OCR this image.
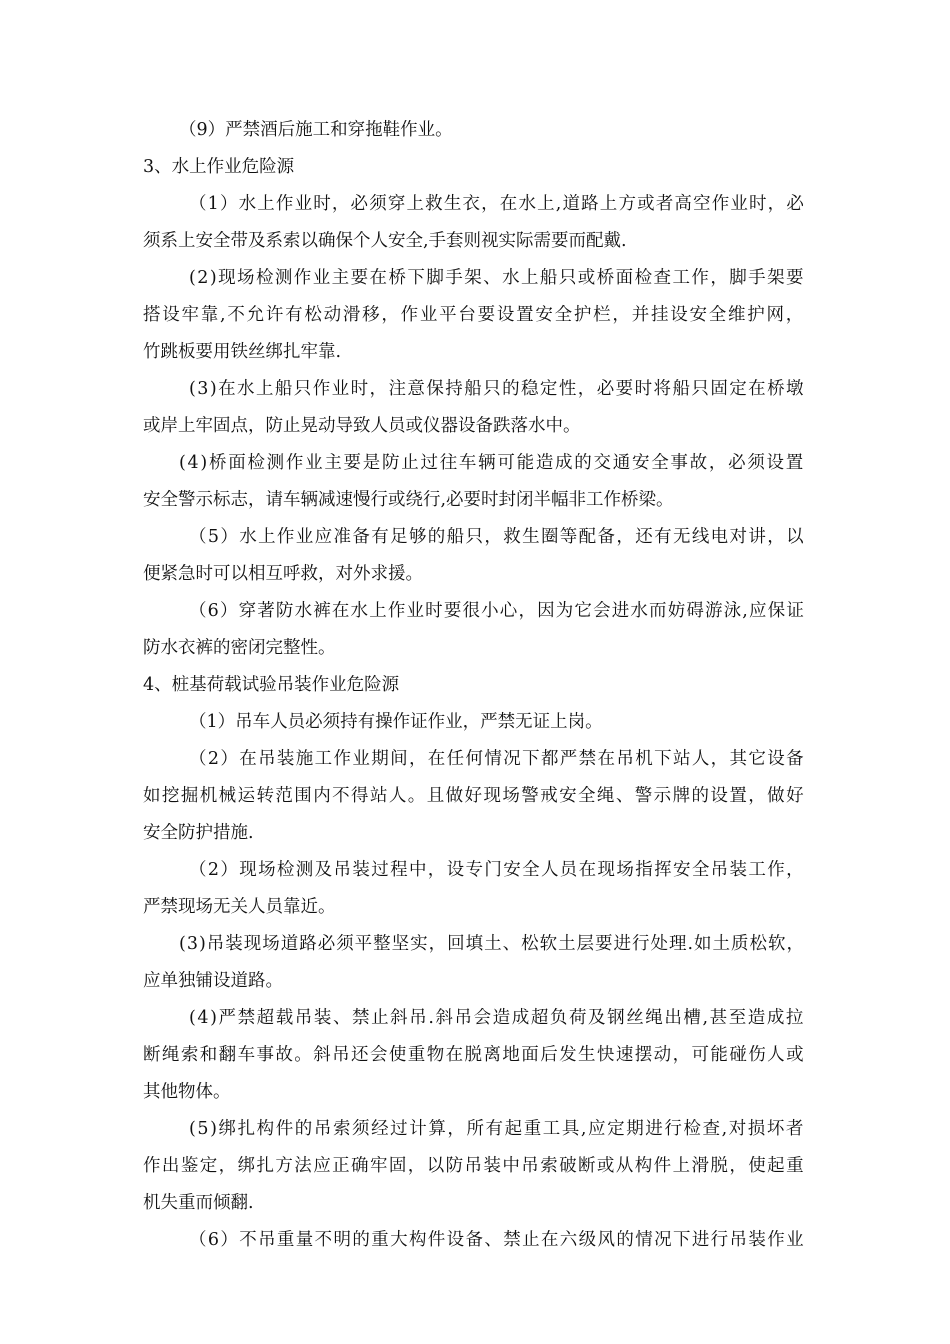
（9）严禁酒后施工和穿拖鞋作业。
3、水上作业危险源
（1）水上作业时，必须穿上救生衣，在水上,道路上方或者高空作业时，必
须系上安全带及系索以确保个人安全,手套则视实际需要而配戴.
(2)现场检测作业主要在桥下脚手架、水上船只或桥面检查工作，脚手架要
搭设牢靠,不允许有松动滑移，作业平台要设置安全护栏，并挂设安全维护网，
竹跳板要用铁丝绑扎牢靠.
(3)在水上船只作业时，注意保持船只的稳定性，必要时将船只固定在桥墩
或岸上牢固点，防止晃动导致人员或仪器设备跌落水中。
(4)桥面检测作业主要是防止过往车辆可能造成的交通安全事故，必须设置
安全警示标志，请车辆减速慢行或绕行,必要时封闭半幅非工作桥梁。
（5）水上作业应准备有足够的船只，救生圈等配备，还有无线电对讲，以
便紧急时可以相互呼救，对外求援。
（6）穿著防水裤在水上作业时要很小心，因为它会进水而妨碍游泳,应保证
防水衣裤的密闭完整性。
4、桩基荷载试验吊装作业危险源
（1）吊车人员必须持有操作证作业，严禁无证上岗。
（2）在吊装施工作业期间，在任何情况下都严禁在吊机下站人，其它设备
如挖掘机械运转范围内不得站人。且做好现场警戒安全绳、警示牌的设置，做好
安全防护措施.
（2）现场检测及吊装过程中，设专门安全人员在现场指挥安全吊装工作，
严禁现场无关人员靠近。
(3)吊装现场道路必须平整坚实，回填土、松软土层要进行处理.如土质松软，
应单独铺设道路。
(4)严禁超载吊装、禁止斜吊.斜吊会造成超负荷及钢丝绳出槽,甚至造成拉
断绳索和翻车事故。斜吊还会使重物在脱离地面后发生快速摆动，可能碰伤人或
其他物体。
(5)绑扎构件的吊索须经过计算，所有起重工具,应定期进行检查,对损坏者
作出鉴定，绑扎方法应正确牢固，以防吊装中吊索破断或从构件上滑脱，使起重
机失重而倾翻.
（6）不吊重量不明的重大构件设备、禁止在六级风的情况下进行吊装作业
